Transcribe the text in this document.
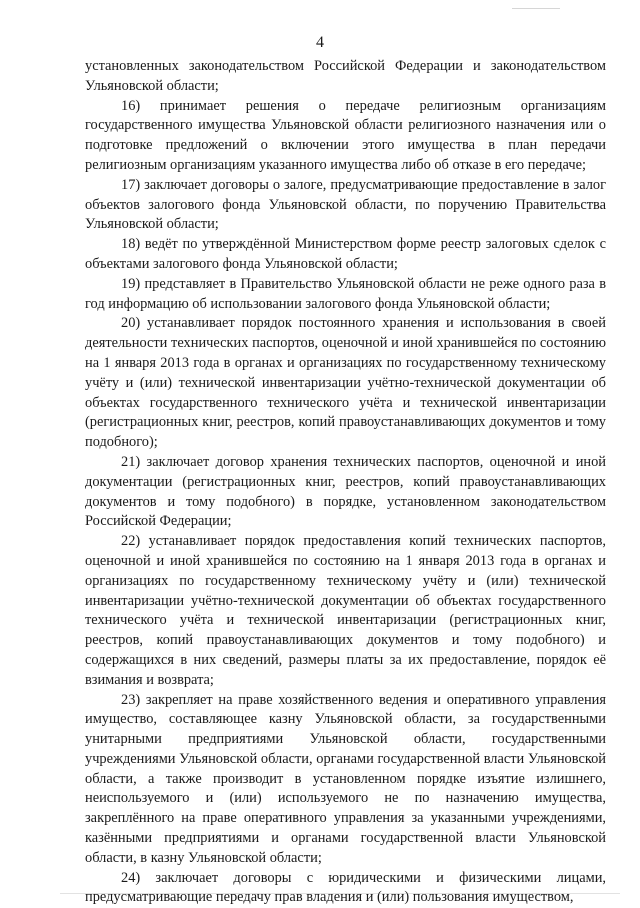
4

установленных законодательством Российской Федерации и законодательством Ульяновской области;

16) принимает решения о передаче религиозным организациям государственного имущества Ульяновской области религиозного назначения или о подготовке предложений о включении этого имущества в план передачи религиозным организациям указанного имущества либо об отказе в его передаче;

17) заключает договоры о залоге, предусматривающие предоставление в залог объектов залогового фонда Ульяновской области, по поручению Правительства Ульяновской области;

18) ведёт по утверждённой Министерством форме реестр залоговых сделок с объектами залогового фонда Ульяновской области;

19) представляет в Правительство Ульяновской области не реже одного раза в год информацию об использовании залогового фонда Ульяновской области;

20) устанавливает порядок постоянного хранения и использования в своей деятельности технических паспортов, оценочной и иной хранившейся по состоянию на 1 января 2013 года в органах и организациях по государственному техническому учёту и (или) технической инвентаризации учётно-технической документации об объектах государственного технического учёта и технической инвентаризации (регистрационных книг, реестров, копий правоустанавливающих документов и тому подобного);

21) заключает договор хранения технических паспортов, оценочной и иной документации (регистрационных книг, реестров, копий правоустанавливающих документов и тому подобного) в порядке, установленном законодательством Российской Федерации;

22) устанавливает порядок предоставления копий технических паспортов, оценочной и иной хранившейся по состоянию на 1 января 2013 года в органах и организациях по государственному техническому учёту и (или) технической инвентаризации учётно-технической документации об объектах государственного технического учёта и технической инвентаризации (регистрационных книг, реестров, копий правоустанавливающих документов и тому подобного) и содержащихся в них сведений, размеры платы за их предоставление, порядок её взимания и возврата;

23) закрепляет на праве хозяйственного ведения и оперативного управления имущество, составляющее казну Ульяновской области, за государственными унитарными предприятиями Ульяновской области, государственными учреждениями Ульяновской области, органами государственной власти Ульяновской области, а также производит в установленном порядке изъятие излишнего, неиспользуемого и (или) используемого не по назначению имущества, закреплённого на праве оперативного управления за указанными учреждениями, казёнными предприятиями и органами государственной власти Ульяновской области, в казну Ульяновской области;

24) заключает договоры с юридическими и физическими лицами, предусматривающие передачу прав владения и (или) пользования имуществом,
